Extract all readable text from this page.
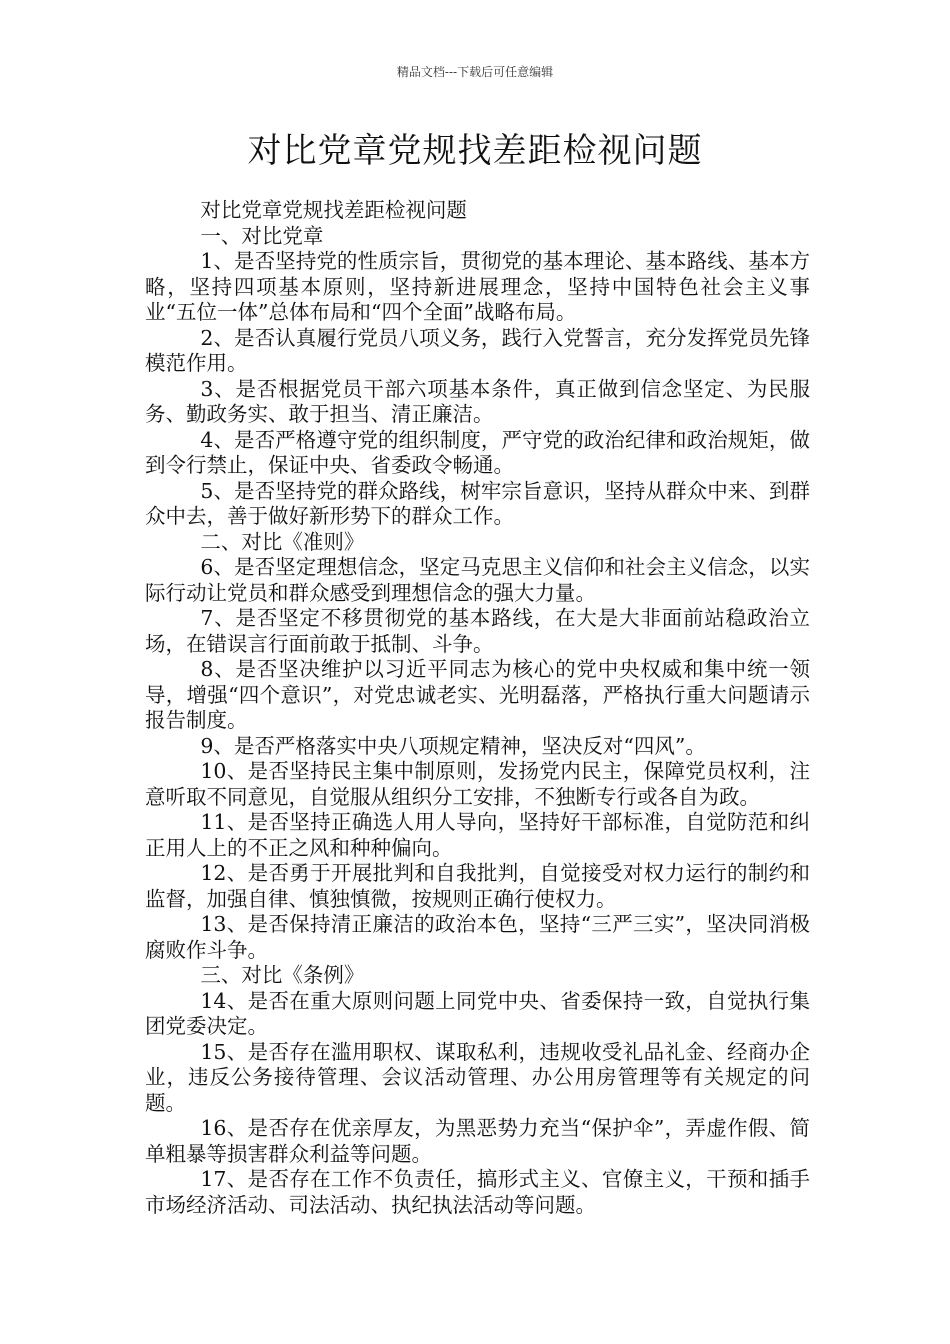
精品文档---下载后可任意编辑
对比党章党规找差距检视问题

对比党章党规找差距检视问题

一、对比党章

1、是否坚持党的性质宗旨，贯彻党的基本理论、基本路线、基本方略，坚持四项基本原则，坚持新进展理念，坚持中国特色社会主义事业“五位一体”总体布局和“四个全面”战略布局。

2、是否认真履行党员八项义务，践行入党誓言，充分发挥党员先锋模范作用。

3、是否根据党员干部六项基本条件，真正做到信念坚定、为民服务、勤政务实、敢于担当、清正廉洁。

4、是否严格遵守党的组织制度，严守党的政治纪律和政治规矩，做到令行禁止，保证中央、省委政令畅通。

5、是否坚持党的群众路线，树牢宗旨意识，坚持从群众中来、到群众中去，善于做好新形势下的群众工作。

二、对比《准则》

6、是否坚定理想信念，坚定马克思主义信仰和社会主义信念，以实际行动让党员和群众感受到理想信念的强大力量。

7、是否坚定不移贯彻党的基本路线，在大是大非面前站稳政治立场，在错误言行面前敢于抵制、斗争。

8、是否坚决维护以习近平同志为核心的党中央权威和集中统一领导，增强“四个意识”，对党忠诚老实、光明磊落，严格执行重大问题请示报告制度。

9、是否严格落实中央八项规定精神，坚决反对“四风”。

10、是否坚持民主集中制原则，发扬党内民主，保障党员权利，注意听取不同意见，自觉服从组织分工安排，不独断专行或各自为政。

11、是否坚持正确选人用人导向，坚持好干部标准，自觉防范和纠正用人上的不正之风和种种偏向。

12、是否勇于开展批判和自我批判，自觉接受对权力运行的制约和监督，加强自律、慎独慎微，按规则正确行使权力。

13、是否保持清正廉洁的政治本色，坚持“三严三实”，坚决同消极腐败作斗争。

三、对比《条例》

14、是否在重大原则问题上同党中央、省委保持一致，自觉执行集团党委决定。

15、是否存在滥用职权、谋取私利，违规收受礼品礼金、经商办企业，违反公务接待管理、会议活动管理、办公用房管理等有关规定的问题。

16、是否存在优亲厚友，为黑恶势力充当“保护伞”，弄虚作假、简单粗暴等损害群众利益等问题。

17、是否存在工作不负责任，搞形式主义、官僚主义，干预和插手市场经济活动、司法活动、执纪执法活动等问题。
